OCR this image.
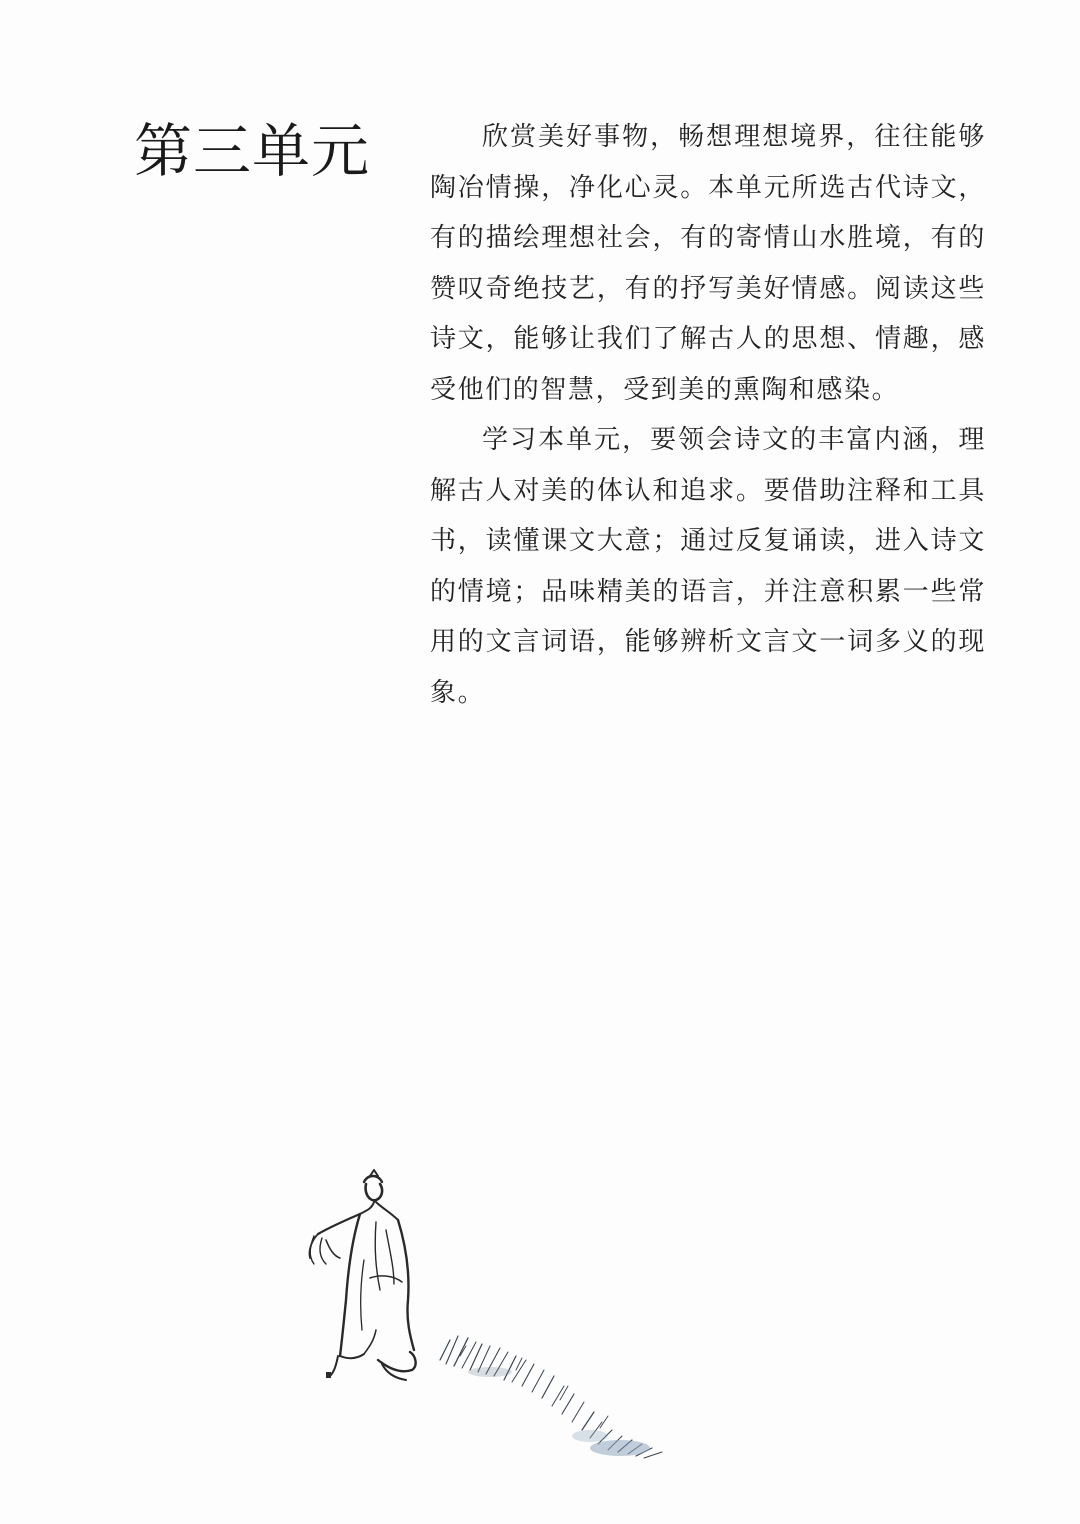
第三单元	欣赏美好事物，畅想理想境界，往往能够陶冶情操，净化心灵。本单元所选古代诗文，有的描绘理想社会，有的寄情山水胜境，有的赞叹奇绝技艺，有的抒写美好情感。阅读这些诗文，能够让我们了解古人的思想、情趣，感受他们的智慧，受到美的熏陶和感染。

学习本单元，要领会诗文的丰富内涵，理解古人对美的体认和追求。要借助注释和工具书，读懂课文大意；通过反复诵读，进入诗文的情境；品味精美的语言，并注意积累一些常用的文言词语，能够辨析文言文一词多义的现象。
